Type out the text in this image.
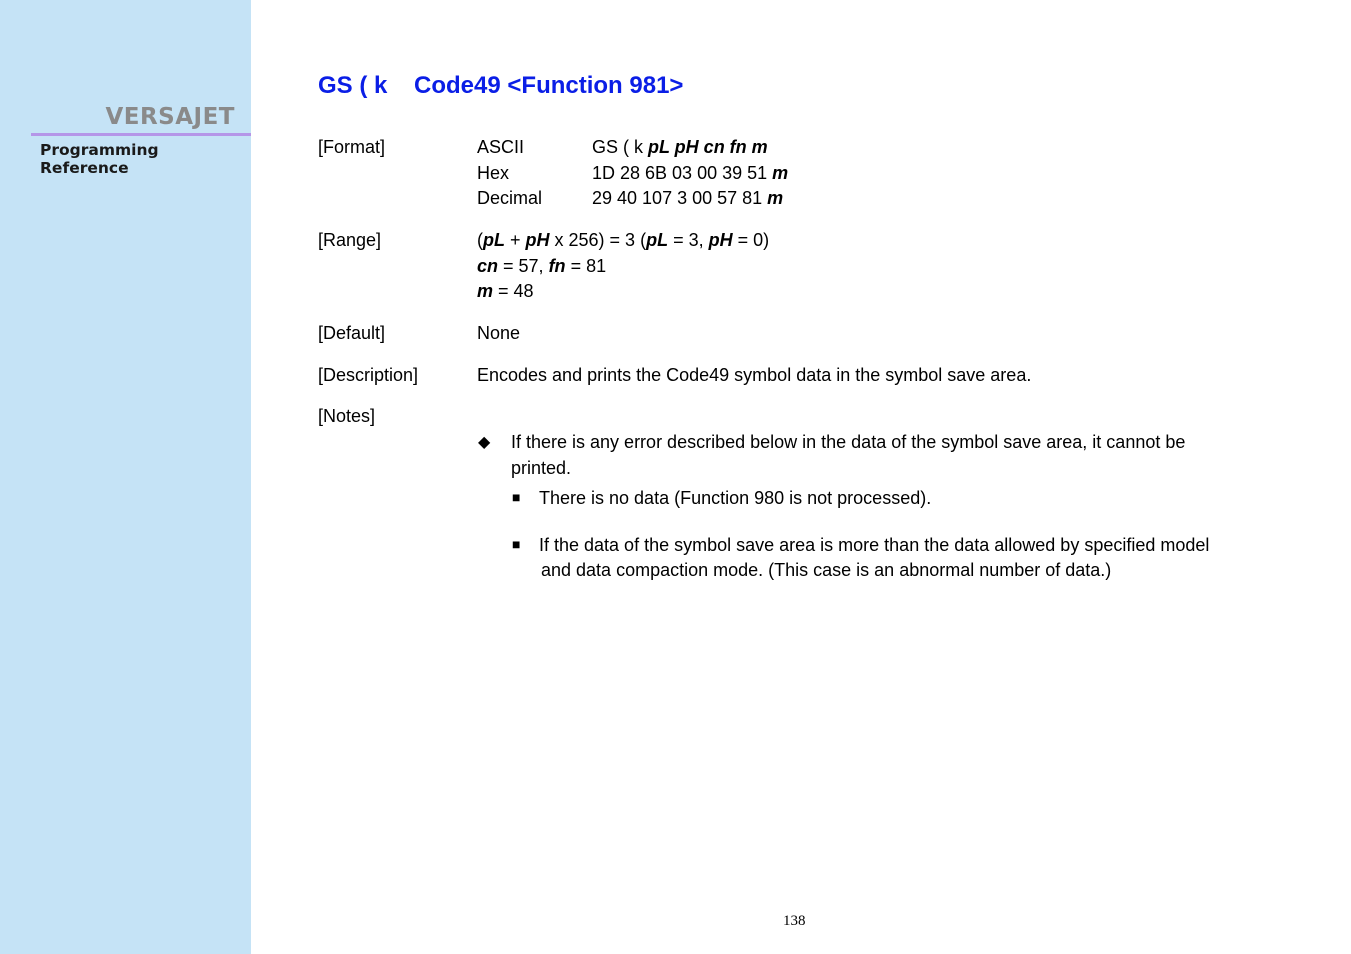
VERSAJET
Programming Reference
GS ( k    Code49 <Function 981>
[Format]	ASCII	GS ( k pL pH cn fn m
Hex	1D 28 6B 03 00 39 51 m
Decimal	29 40 107 3 00 57 81 m
[Range]	(pL + pH x 256) = 3 (pL = 3, pH = 0)
cn = 57, fn = 81
m = 48
[Default]	None
[Description]	Encodes and prints the Code49 symbol data in the symbol save area.
[Notes]
◆ If there is any error described below in the data of the symbol save area, it cannot be
printed.
■ There is no data (Function 980 is not processed).
■ If the data of the symbol save area is more than the data allowed by specified model
and data compaction mode. (This case is an abnormal number of data.)
138
